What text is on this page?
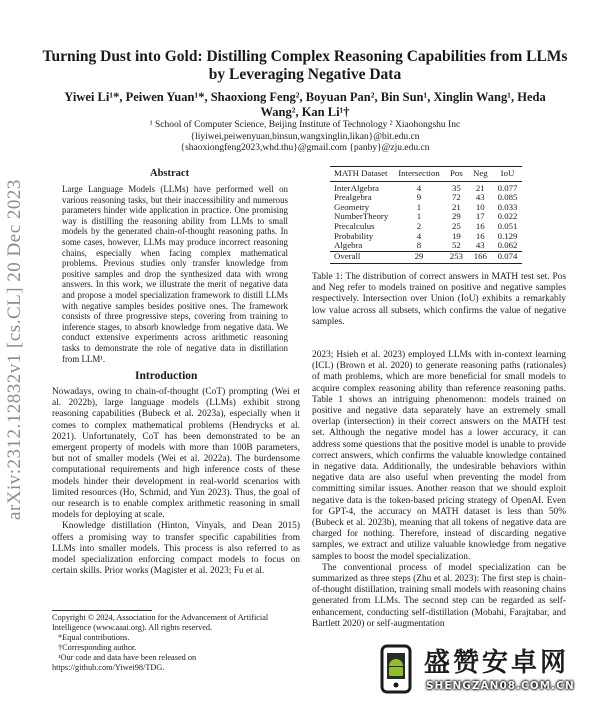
arXiv:2312.12832v1 [cs.CL] 20 Dec 2023
Turning Dust into Gold: Distilling Complex Reasoning Capabilities from LLMs by Leveraging Negative Data
Yiwei Li¹*, Peiwen Yuan¹*, Shaoxiong Feng², Boyuan Pan², Bin Sun¹, Xinglin Wang¹, Heda
Wang², Kan Li¹†
¹ School of Computer Science, Beijing Institute of Technology ² Xiaohongshu Inc
{liyiwei,peiwenyuan,binsun,wangxinglin,likan}@bit.edu.cn
{shaoxiongfeng2023,whd.thu}@gmail.com {panby}@zju.edu.cn
Abstract
Large Language Models (LLMs) have performed well on various reasoning tasks, but their inaccessibility and numerous parameters hinder wide application in practice. One promising way is distilling the reasoning ability from LLMs to small models by the generated chain-of-thought reasoning paths. In some cases, however, LLMs may produce incorrect reasoning chains, especially when facing complex mathematical problems. Previous studies only transfer knowledge from positive samples and drop the synthesized data with wrong answers. In this work, we illustrate the merit of negative data and propose a model specialization framework to distill LLMs with negative samples besides positive ones. The framework consists of three progressive steps, covering from training to inference stages, to absorb knowledge from negative data. We conduct extensive experiments across arithmetic reasoning tasks to demonstrate the role of negative data in distillation from LLM¹.
Introduction

Nowadays, owing to chain-of-thought (CoT) prompting (Wei et al. 2022b), large language models (LLMs) exhibit strong reasoning capabilities (Bubeck et al. 2023a), especially when it comes to complex mathematical problems (Hendrycks et al. 2021). Unfortunately, CoT has been demonstrated to be an emergent property of models with more than 100B parameters, but not of smaller models (Wei et al. 2022a). The burdensome computational requirements and high inference costs of these models hinder their development in real-world scenarios with limited resources (Ho, Schmid, and Yun 2023). Thus, the goal of our research is to enable complex arithmetic reasoning in small models for deploying at scale.

Knowledge distillation (Hinton, Vinyals, and Dean 2015) offers a promising way to transfer specific capabilities from LLMs into smaller models. This process is also referred to as model specialization enforcing compact models to focus on certain skills. Prior works (Magister et al. 2023; Fu et al.

Copyright © 2024, Association for the Advancement of Artificial Intelligence (www.aaai.org). All rights reserved.
*Equal contributions.
†Corresponding author.
¹Our code and data have been released on https://github.com/Yiwei98/TDG.
MATH Dataset	Intersection	Pos	Neg	IoU
InterAlgebra	4	35	21	0.077
Prealgebra	9	72	43	0.085
Geometry	1	21	10	0.033
NumberTheory	1	29	17	0.022
Precalculus	2	25	16	0.051
Probability	4	19	16	0.129
Algebra	8	52	43	0.062
Overall	29	253	166	0.074
Table 1: The distribution of correct answers in MATH test set. Pos and Neg refer to models trained on positive and negative samples respectively. Intersection over Union (IoU) exhibits a remarkably low value across all subsets, which confirms the value of negative samples.

2023; Hsieh et al. 2023) employed LLMs with in-context learning (ICL) (Brown et al. 2020) to generate reasoning paths (rationales) of math problems, which are more beneficial for small models to acquire complex reasoning ability than reference reasoning paths. Table 1 shows an intriguing phenomenon: models trained on positive and negative data separately have an extremely small overlap (intersection) in their correct answers on the MATH test set. Although the negative model has a lower accuracy, it can address some questions that the positive model is unable to provide correct answers, which confirms the valuable knowledge contained in negative data. Additionally, the undesirable behaviors within negative data are also useful when preventing the model from committing similar issues. Another reason that we should exploit negative data is the token-based pricing strategy of OpenAI. Even for GPT-4, the accuracy on MATH dataset is less than 50% (Bubeck et al. 2023b), meaning that all tokens of negative data are charged for nothing. Therefore, instead of discarding negative samples, we extract and utilize valuable knowledge from negative samples to boost the model specialization.

The conventional process of model specialization can be summarized as three steps (Zhu et al. 2023): The first step is chain-of-thought distillation, training small models with reasoning chains generated from LLMs. The second step can be regarded as self-enhancement, conducting self-distillation (Mobahi, Farajtabar, and Bartlett 2020) or self-augmentation

盛赞安卓网
SHENGZAN08.COM.CN
